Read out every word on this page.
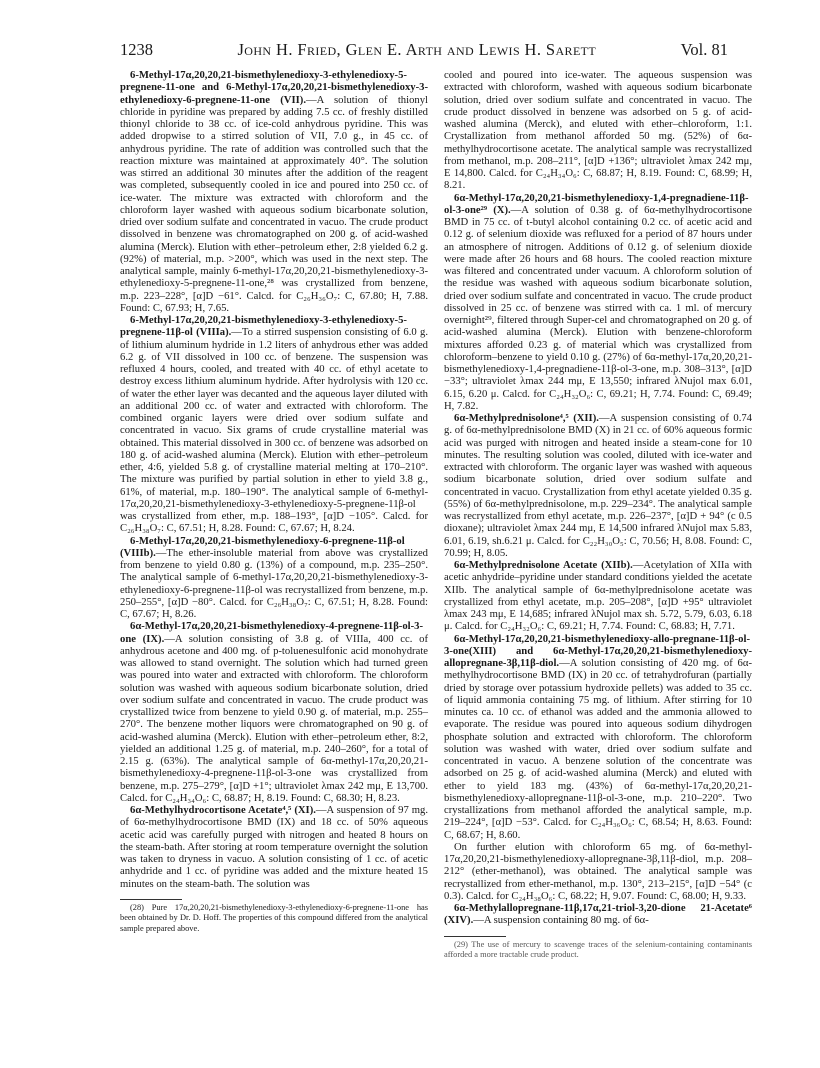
1238	John H. Fried, Glen E. Arth and Lewis H. Sarett	Vol. 81

6-Methyl-17α,20,20,21-bismethylenedioxy-3-ethylenedioxy-5-pregnene-11-one and 6-Methyl-17α,20,20,21-bismethylenedioxy-3-ethylenedioxy-6-pregnene-11-one (VII).—A solution of thionyl chloride in pyridine was prepared by adding 7.5 cc. of freshly distilled thionyl chloride to 38 cc. of ice-cold anhydrous pyridine. This was added dropwise to a stirred solution of VII, 7.0 g., in 45 cc. of anhydrous pyridine. The rate of addition was controlled such that the reaction mixture was maintained at approximately 40°. The solution was stirred an additional 30 minutes after the addition of the reagent was completed, subsequently cooled in ice and poured into 250 cc. of ice-water. The mixture was extracted with chloroform and the chloroform layer washed with aqueous sodium bicarbonate solution, dried over sodium sulfate and concentrated in vacuo. The crude product dissolved in benzene was chromatographed on 200 g. of acid-washed alumina (Merck). Elution with ether–petroleum ether, 2:8 yielded 6.2 g. (92%) of material, m.p. >200°, which was used in the next step. The analytical sample, mainly 6-methyl-17α,20,20,21-bismethylenedioxy-3-ethylenedioxy-5-pregnene-11-one,²⁸ was crystallized from benzene, m.p. 223–228°, [α]D −61°. Calcd. for C₂₆H₃₆O₇: C, 67.80; H, 7.88. Found: C, 67.93; H, 7.65.

6-Methyl-17α,20,20,21-bismethylenedioxy-3-ethylenedioxy-5-pregnene-11β-ol (VIIIa).—To a stirred suspension consisting of 6.0 g. of lithium aluminum hydride in 1.2 liters of anhydrous ether was added 6.2 g. of VII dissolved in 100 cc. of benzene. The suspension was refluxed 4 hours, cooled, and treated with 40 cc. of ethyl acetate to destroy excess lithium aluminum hydride. After hydrolysis with 120 cc. of water the ether layer was decanted and the aqueous layer diluted with an additional 200 cc. of water and extracted with chloroform. The combined organic layers were dried over sodium sulfate and concentrated in vacuo. Six grams of crude crystalline material was obtained. This material dissolved in 300 cc. of benzene was adsorbed on 180 g. of acid-washed alumina (Merck). Elution with ether–petroleum ether, 4:6, yielded 5.8 g. of crystalline material melting at 170–210°. The mixture was purified by partial solution in ether to yield 3.8 g., 61%, of material, m.p. 180–190°. The analytical sample of 6-methyl-17α,20,20,21-bismethylenedioxy-3-ethylenedioxy-5-pregnene-11β-ol was crystallized from ether, m.p. 188–193°, [α]D −105°. Calcd. for C₂₆H₃₈O₇: C, 67.51; H, 8.28. Found: C, 67.67; H, 8.24.

6-Methyl-17α,20,20,21-bismethylenedioxy-6-pregnene-11β-ol (VIIIb).—The ether-insoluble material from above was crystallized from benzene to yield 0.80 g. (13%) of a compound, m.p. 235–250°. The analytical sample of 6-methyl-17α,20,20,21-bismethylenedioxy-3-ethylenedioxy-6-pregnene-11β-ol was recrystallized from benzene, m.p. 250–255°, [α]D −80°. Calcd. for C₂₆H₃₈O₇: C, 67.51; H, 8.28. Found: C, 67.67; H, 8.26.

6α-Methyl-17α,20,20,21-bismethylenedioxy-4-pregnene-11β-ol-3-one (IX).—A solution consisting of 3.8 g. of VIIIa, 400 cc. of anhydrous acetone and 400 mg. of p-toluenesulfonic acid monohydrate was allowed to stand overnight. The solution which had turned green was poured into water and extracted with chloroform. The chloroform solution was washed with aqueous sodium bicarbonate solution, dried over sodium sulfate and concentrated in vacuo. The crude product was crystallized twice from benzene to yield 0.90 g. of material, m.p. 255–270°. The benzene mother liquors were chromatographed on 90 g. of acid-washed alumina (Merck). Elution with ether–petroleum ether, 8:2, yielded an additional 1.25 g. of material, m.p. 240–260°, for a total of 2.15 g. (63%). The analytical sample of 6α-methyl-17α,20,20,21-bismethylenedioxy-4-pregnene-11β-ol-3-one was crystallized from benzene, m.p. 275–279°, [α]D +1°; ultraviolet λmax 242 mμ, E 13,700. Calcd. for C₂₄H₃₄O₆: C, 68.87; H, 8.19. Found: C, 68.30; H, 8.23.

6α-Methylhydrocortisone Acetate⁴,⁵ (XI).—A suspension of 97 mg. of 6α-methylhydrocortisone BMD (IX) and 18 cc. of 50% aqueous acetic acid was carefully purged with nitrogen and heated 8 hours on the steam-bath. After storing at room temperature overnight the solution was taken to dryness in vacuo. A solution consisting of 1 cc. of acetic anhydride and 1 cc. of pyridine was added and the mixture heated 15 minutes on the steam-bath. The solution was

(28) Pure 17α,20,20,21-bismethylenedioxy-3-ethylenedioxy-6-pregnene-11-one has been obtained by Dr. D. Hoff. The properties of this compound differed from the analytical sample prepared above.

cooled and poured into ice-water. The aqueous suspension was extracted with chloroform, washed with aqueous sodium bicarbonate solution, dried over sodium sulfate and concentrated in vacuo. The crude product dissolved in benzene was adsorbed on 5 g. of acid-washed alumina (Merck), and eluted with ether–chloroform, 1:1. Crystallization from methanol afforded 50 mg. (52%) of 6α-methylhydrocortisone acetate. The analytical sample was recrystallized from methanol, m.p. 208–211°, [α]D +136°; ultraviolet λmax 242 mμ, E 14,800. Calcd. for C₂₄H₃₄O₆: C, 68.87; H, 8.19. Found: C, 68.99; H, 8.21.

6α-Methyl-17α,20,20,21-bismethylenedioxy-1,4-pregnadiene-11β-ol-3-one²⁹ (X).—A solution of 0.38 g. of 6α-methylhydrocortisone BMD in 75 cc. of t-butyl alcohol containing 0.2 cc. of acetic acid and 0.12 g. of selenium dioxide was refluxed for a period of 87 hours under an atmosphere of nitrogen. Additions of 0.12 g. of selenium dioxide were made after 26 hours and 68 hours. The cooled reaction mixture was filtered and concentrated under vacuum. A chloroform solution of the residue was washed with aqueous sodium bicarbonate solution, dried over sodium sulfate and concentrated in vacuo. The crude product dissolved in 25 cc. of benzene was stirred with ca. 1 ml. of mercury overnight²⁹, filtered through Super-cel and chromatographed on 20 g. of acid-washed alumina (Merck). Elution with benzene-chloroform mixtures afforded 0.23 g. of material which was crystallized from chloroform–benzene to yield 0.10 g. (27%) of 6α-methyl-17α,20,20,21-bismethylenedioxy-1,4-pregnadiene-11β-ol-3-one, m.p. 308–313°, [α]D −33°; ultraviolet λmax 244 mμ, E 13,550; infrared λNujol max 6.01, 6.15, 6.20 μ. Calcd. for C₂₄H₃₂O₆: C, 69.21; H, 7.74. Found: C, 69.49; H, 7.82.

6α-Methylprednisolone⁴,⁵ (XII).—A suspension consisting of 0.74 g. of 6α-methylprednisolone BMD (X) in 21 cc. of 60% aqueous formic acid was purged with nitrogen and heated inside a steam-cone for 10 minutes. The resulting solution was cooled, diluted with ice-water and extracted with chloroform. The organic layer was washed with aqueous sodium bicarbonate solution, dried over sodium sulfate and concentrated in vacuo. Crystallization from ethyl acetate yielded 0.35 g. (55%) of 6α-methylprednisolone, m.p. 229–234°. The analytical sample was recrystallized from ethyl acetate, m.p. 226–237°, [α]D + 94° (c 0.5 dioxane); ultraviolet λmax 244 mμ, E 14,500 infrared λNujol max 5.83, 6.01, 6.19, sh.6.21 μ. Calcd. for C₂₂H₃₀O₅: C, 70.56; H, 8.08. Found: C, 70.99; H, 8.05.

6α-Methylprednisolone Acetate (XIIb).—Acetylation of XIIa with acetic anhydride–pyridine under standard conditions yielded the acetate XIIb. The analytical sample of 6α-methylprednisolone acetate was crystallized from ethyl acetate, m.p. 205–208°, [α]D +95° ultraviolet λmax 243 mμ, E 14,685; infrared λNujol max sh. 5.72, 5.79, 6.03, 6.18 μ. Calcd. for C₂₄H₃₂O₆: C, 69.21; H, 7.74. Found: C, 68.83; H, 7.71.

6α-Methyl-17α,20,20,21-bismethylenedioxy-allo-pregnane-11β-ol-3-one(XIII) and 6α-Methyl-17α,20,20,21-bismethylenedioxy-allopregnane-3β,11β-diol.—A solution consisting of 420 mg. of 6α-methylhydrocortisone BMD (IX) in 20 cc. of tetrahydrofuran (partially dried by storage over potassium hydroxide pellets) was added to 35 cc. of liquid ammonia containing 75 mg. of lithium. After stirring for 10 minutes ca. 10 cc. of ethanol was added and the ammonia allowed to evaporate. The residue was poured into aqueous sodium dihydrogen phosphate solution and extracted with chloroform. The chloroform solution was washed with water, dried over sodium sulfate and concentrated in vacuo. A benzene solution of the concentrate was adsorbed on 25 g. of acid-washed alumina (Merck) and eluted with ether to yield 183 mg. (43%) of 6α-methyl-17α,20,20,21-bismethylenedioxy-allopregnane-11β-ol-3-one, m.p. 210–220°. Two crystallizations from methanol afforded the analytical sample, m.p. 219–224°, [α]D −53°. Calcd. for C₂₄H₃₆O₆: C, 68.54; H, 8.63. Found: C, 68.67; H, 8.60.

On further elution with chloroform 65 mg. of 6α-methyl-17α,20,20,21-bismethylenedioxy-allopregnane-3β,11β-diol, m.p. 208–212° (ether-methanol), was obtained. The analytical sample was recrystallized from ether-methanol, m.p. 130°, 213–215°, [α]D −54° (c 0.3). Calcd. for C₂₄H₃₈O₆: C, 68.22; H, 9.07. Found: C, 68.00; H, 9.33.

6α-Methylallopregnane-11β,17α,21-triol-3,20-dione 21-Acetate⁶ (XIV).—A suspension containing 80 mg. of 6α-

(29) The use of mercury to scavenge traces of the selenium-containing contaminants afforded a more tractable crude product.
